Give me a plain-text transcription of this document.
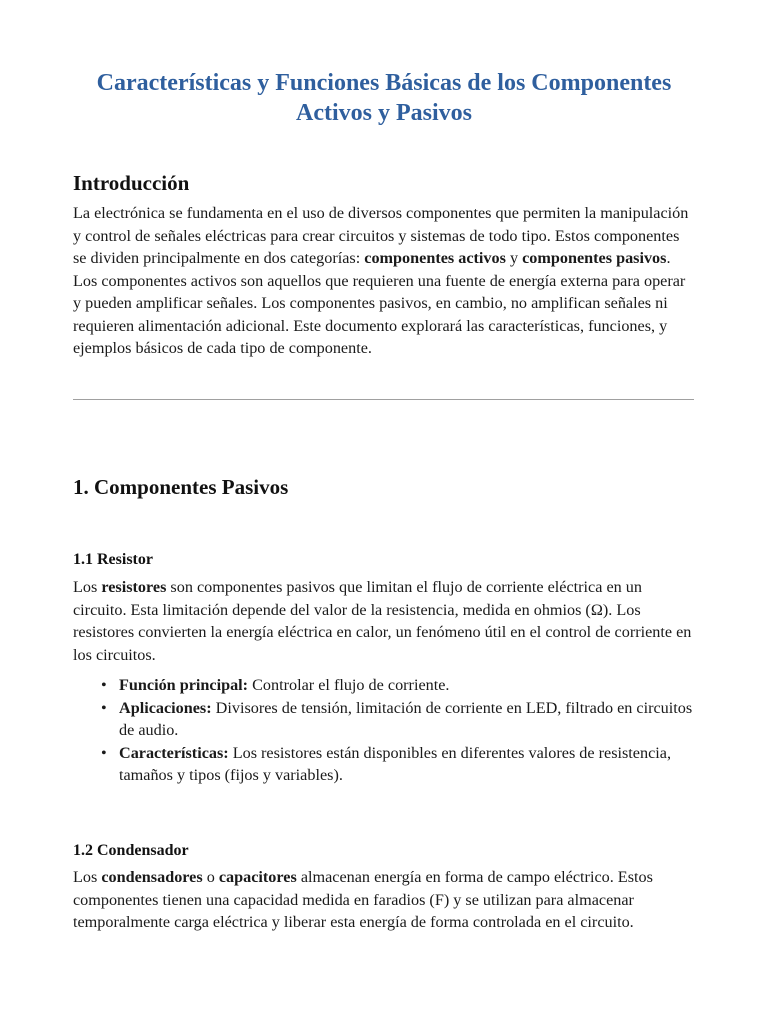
Características y Funciones Básicas de los Componentes Activos y Pasivos
Introducción

La electrónica se fundamenta en el uso de diversos componentes que permiten la manipulación y control de señales eléctricas para crear circuitos y sistemas de todo tipo. Estos componentes se dividen principalmente en dos categorías: componentes activos y componentes pasivos. Los componentes activos son aquellos que requieren una fuente de energía externa para operar y pueden amplificar señales. Los componentes pasivos, en cambio, no amplifican señales ni requieren alimentación adicional. Este documento explorará las características, funciones, y ejemplos básicos de cada tipo de componente.

1. Componentes Pasivos
1.1 Resistor

Los resistores son componentes pasivos que limitan el flujo de corriente eléctrica en un circuito. Esta limitación depende del valor de la resistencia, medida en ohmios (Ω). Los resistores convierten la energía eléctrica en calor, un fenómeno útil en el control de corriente en los circuitos.

• Función principal: Controlar el flujo de corriente.
• Aplicaciones: Divisores de tensión, limitación de corriente en LED, filtrado en circuitos de audio.
• Características: Los resistores están disponibles en diferentes valores de resistencia, tamaños y tipos (fijos y variables).
1.2 Condensador

Los condensadores o capacitores almacenan energía en forma de campo eléctrico. Estos componentes tienen una capacidad medida en faradios (F) y se utilizan para almacenar temporalmente carga eléctrica y liberar esta energía de forma controlada en el circuito.
